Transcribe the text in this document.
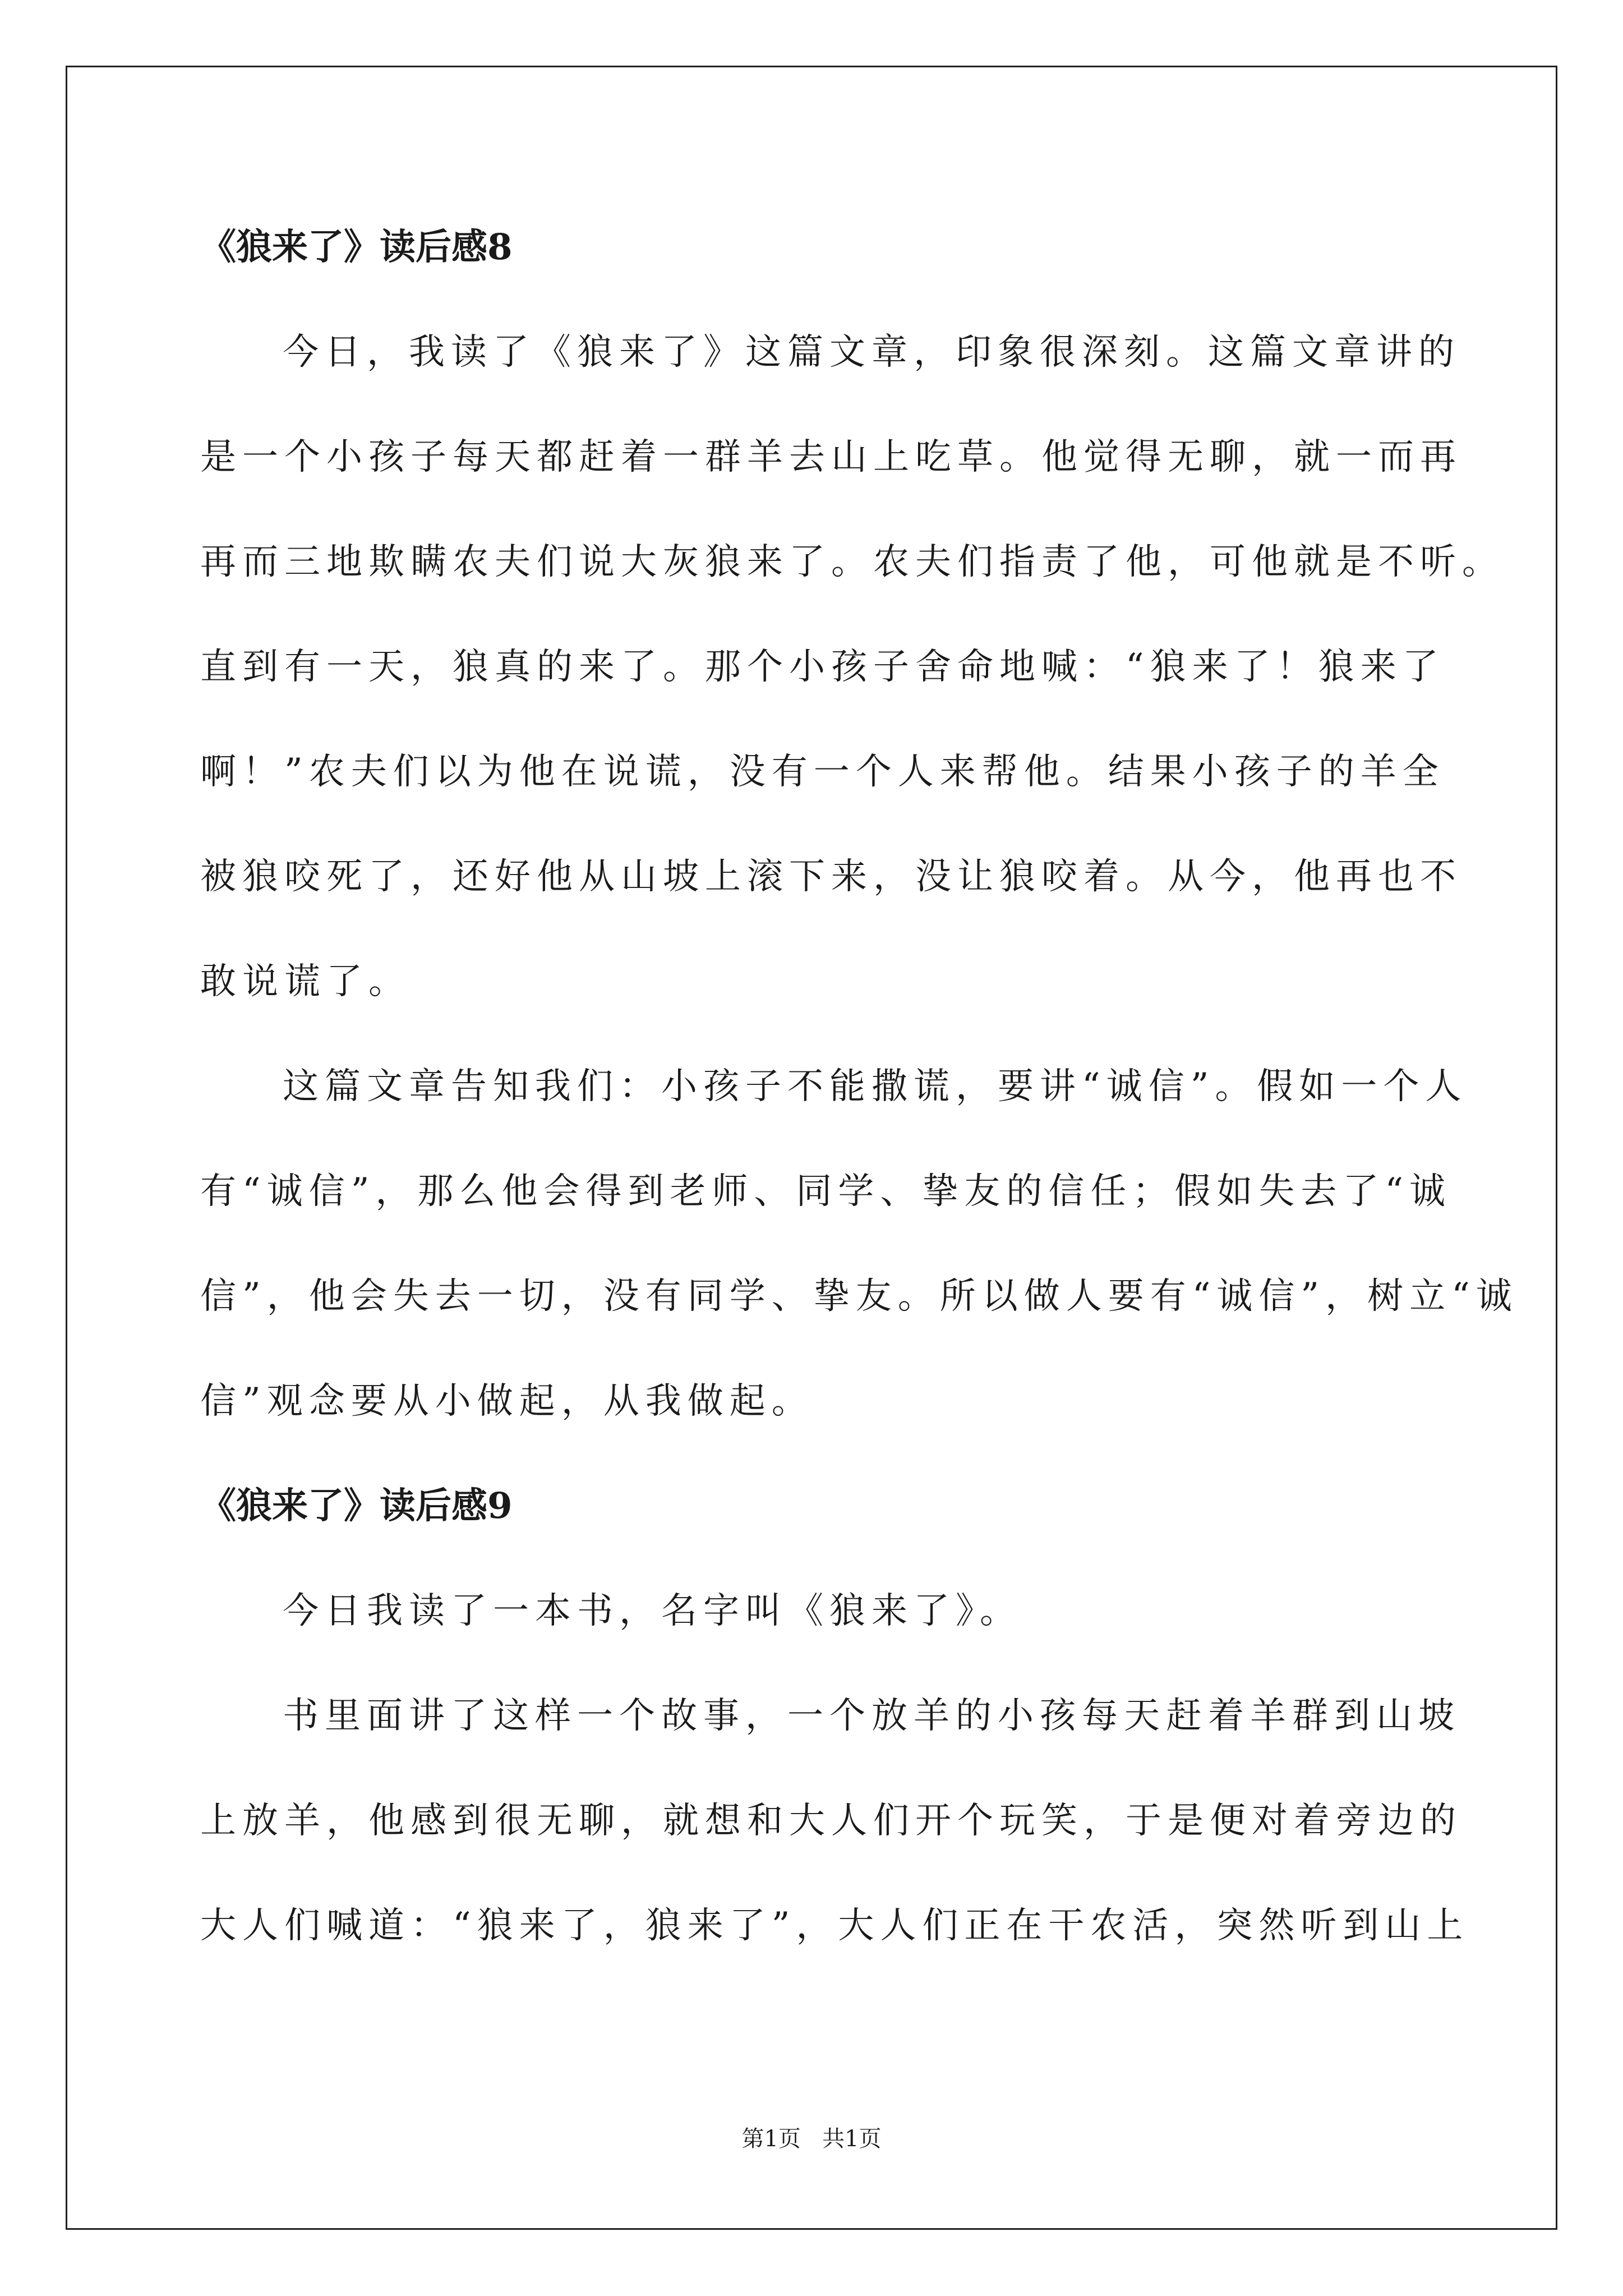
《狼来了》读后感8
今日，我读了《狼来了》这篇文章，印象很深刻。这篇文章讲的
是一个小孩子每天都赶着一群羊去山上吃草。他觉得无聊，就一而再
再而三地欺瞒农夫们说大灰狼来了。农夫们指责了他，可他就是不听。
直到有一天，狼真的来了。那个小孩子舍命地喊：“狼来了！狼来了
啊！”农夫们以为他在说谎，没有一个人来帮他。结果小孩子的羊全
被狼咬死了，还好他从山坡上滚下来，没让狼咬着。从今，他再也不
敢说谎了。
这篇文章告知我们：小孩子不能撒谎，要讲“诚信”。假如一个人
有“诚信”，那么他会得到老师、同学、挚友的信任；假如失去了“诚
信”，他会失去一切，没有同学、挚友。所以做人要有“诚信”，树立“诚
信”观念要从小做起，从我做起。
《狼来了》读后感9
今日我读了一本书，名字叫《狼来了》。
书里面讲了这样一个故事，一个放羊的小孩每天赶着羊群到山坡
上放羊，他感到很无聊，就想和大人们开个玩笑，于是便对着旁边的
大人们喊道：“狼来了，狼来了”，大人们正在干农活，突然听到山上
第1页   共1页
